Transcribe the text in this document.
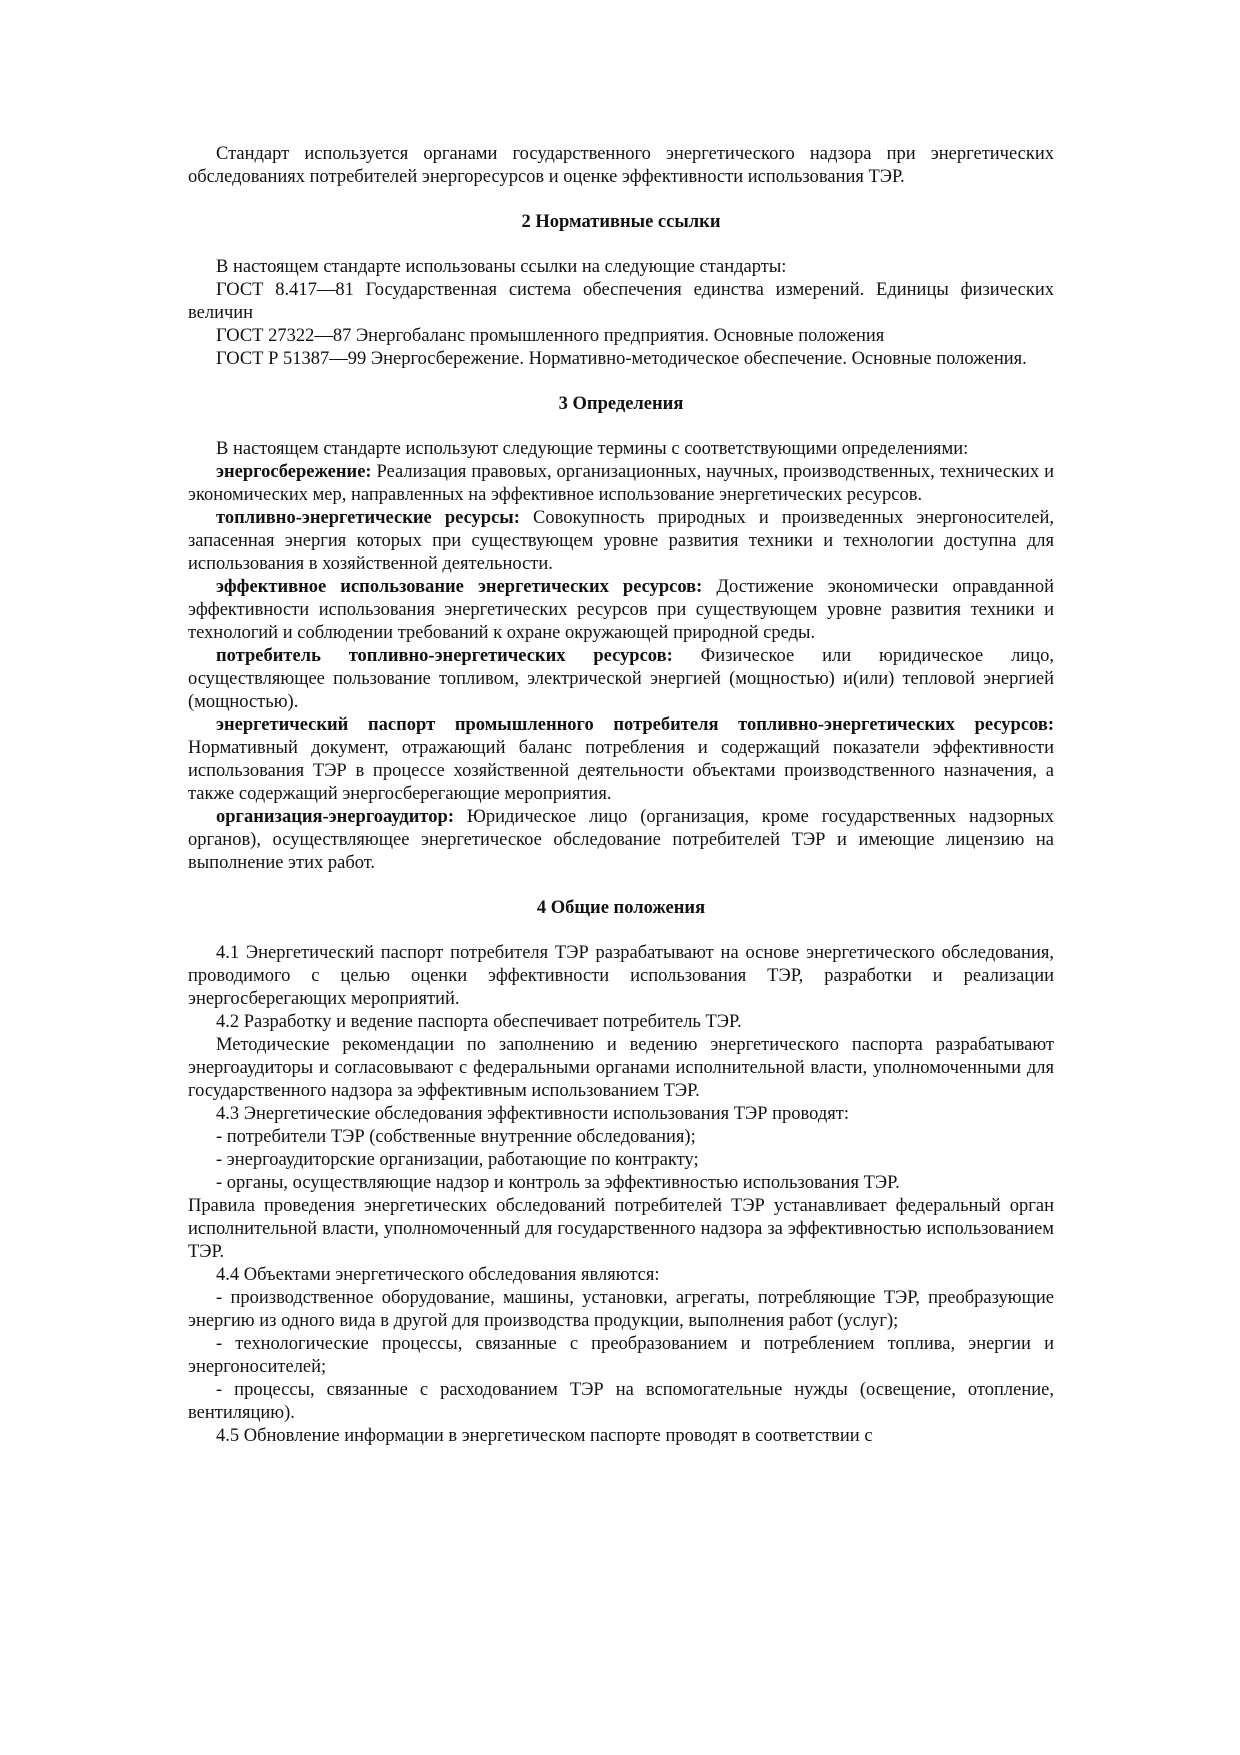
Стандарт используется органами государственного энергетического надзора при энергетических обследованиях потребителей энергоресурсов и оценке эффективности использования ТЭР.

2 Нормативные ссылки

В настоящем стандарте использованы ссылки на следующие стандарты:

ГОСТ 8.417—81 Государственная система обеспечения единства измерений. Единицы физических величин

ГОСТ 27322—87 Энергобаланс промышленного предприятия. Основные положения

ГОСТ Р 51387—99 Энергосбережение. Нормативно-методическое обеспечение. Основные положения.

3 Определения

В настоящем стандарте используют следующие термины с соответствующими определениями:

энергосбережение: Реализация правовых, организационных, научных, производственных, технических и экономических мер, направленных на эффективное использование энергетических ресурсов.

топливно-энергетические ресурсы: Совокупность природных и произведенных энергоносителей, запасенная энергия которых при существующем уровне развития техники и технологии доступна для использования в хозяйственной деятельности.

эффективное использование энергетических ресурсов: Достижение экономически оправданной эффективности использования энергетических ресурсов при существующем уровне развития техники и технологий и соблюдении требований к охране окружающей природной среды.

потребитель топливно-энергетических ресурсов: Физическое или юридическое лицо, осуществляющее пользование топливом, электрической энергией (мощностью) и(или) тепловой энергией (мощностью).

энергетический паспорт промышленного потребителя топливно-энергетических ресурсов: Нормативный документ, отражающий баланс потребления и содержащий показатели эффективности использования ТЭР в процессе хозяйственной деятельности объектами производственного назначения, а также содержащий энергосберегающие мероприятия.

организация-энергоаудитор: Юридическое лицо (организация, кроме государственных надзорных органов), осуществляющее энергетическое обследование потребителей ТЭР и имеющие лицензию на выполнение этих работ.

4 Общие положения

4.1 Энергетический паспорт потребителя ТЭР разрабатывают на основе энергетического обследования, проводимого с целью оценки эффективности использования ТЭР, разработки и реализации энергосберегающих мероприятий.

4.2 Разработку и ведение паспорта обеспечивает потребитель ТЭР.

Методические рекомендации по заполнению и ведению энергетического паспорта разрабатывают энергоаудиторы и согласовывают с федеральными органами исполнительной власти, уполномоченными для государственного надзора за эффективным использованием ТЭР.

4.3 Энергетические обследования эффективности использования ТЭР проводят:

- потребители ТЭР (собственные внутренние обследования);

- энергоаудиторские организации, работающие по контракту;

- органы, осуществляющие надзор и контроль за эффективностью использования ТЭР.

Правила проведения энергетических обследований потребителей ТЭР устанавливает федеральный орган исполнительной власти, уполномоченный для государственного надзора за эффективностью использованием ТЭР.

4.4 Объектами энергетического обследования являются:

- производственное оборудование, машины, установки, агрегаты, потребляющие ТЭР, преобразующие энергию из одного вида в другой для производства продукции, выполнения работ (услуг);

- технологические процессы, связанные с преобразованием и потреблением топлива, энергии и энергоносителей;

- процессы, связанные с расходованием ТЭР на вспомогательные нужды (освещение, отопление, вентиляцию).

4.5 Обновление информации в энергетическом паспорте проводят в соответствии с
